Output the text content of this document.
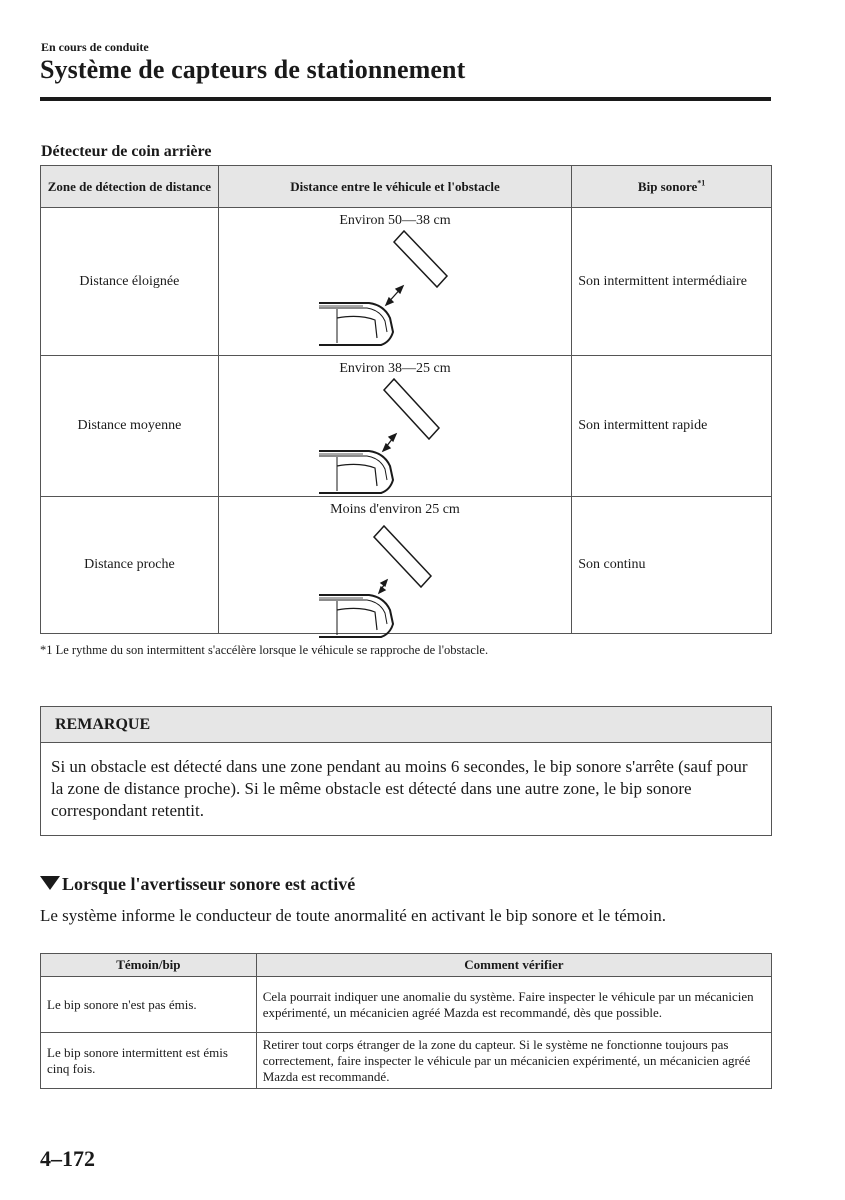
En cours de conduite
Système de capteurs de stationnement
Détecteur de coin arrière
Zone de détection de distance	Distance entre le véhicule et l'obstacle	Bip sonore$^{*1}$
Distance éloignée	Environ 50—38 cm	Son intermittent intermédiaire
Distance moyenne	Environ 38—25 cm	Son intermittent rapide
Distance proche	Moins d'environ 25 cm	Son continu
*1 Le rythme du son intermittent s'accélère lorsque le véhicule se rapproche de l'obstacle.
REMARQUE
Si un obstacle est détecté dans une zone pendant au moins 6 secondes, le bip sonore s'arrête (sauf pour la zone de distance proche). Si le même obstacle est détecté dans une autre zone, le bip sonore correspondant retentit.
Lorsque l'avertisseur sonore est activé
Le système informe le conducteur de toute anormalité en activant le bip sonore et le témoin.
Témoin/bip	Comment vérifier
Le bip sonore n'est pas émis.	Cela pourrait indiquer une anomalie du système. Faire inspecter le véhicule par un mécanicien expérimenté, un mécanicien agréé Mazda est recommandé, dès que possible.
Le bip sonore intermittent est émis cinq fois.	Retirer tout corps étranger de la zone du capteur. Si le système ne fonctionne toujours pas correctement, faire inspecter le véhicule par un mécanicien expérimenté, un mécanicien agréé Mazda est recommandé.
4–172
